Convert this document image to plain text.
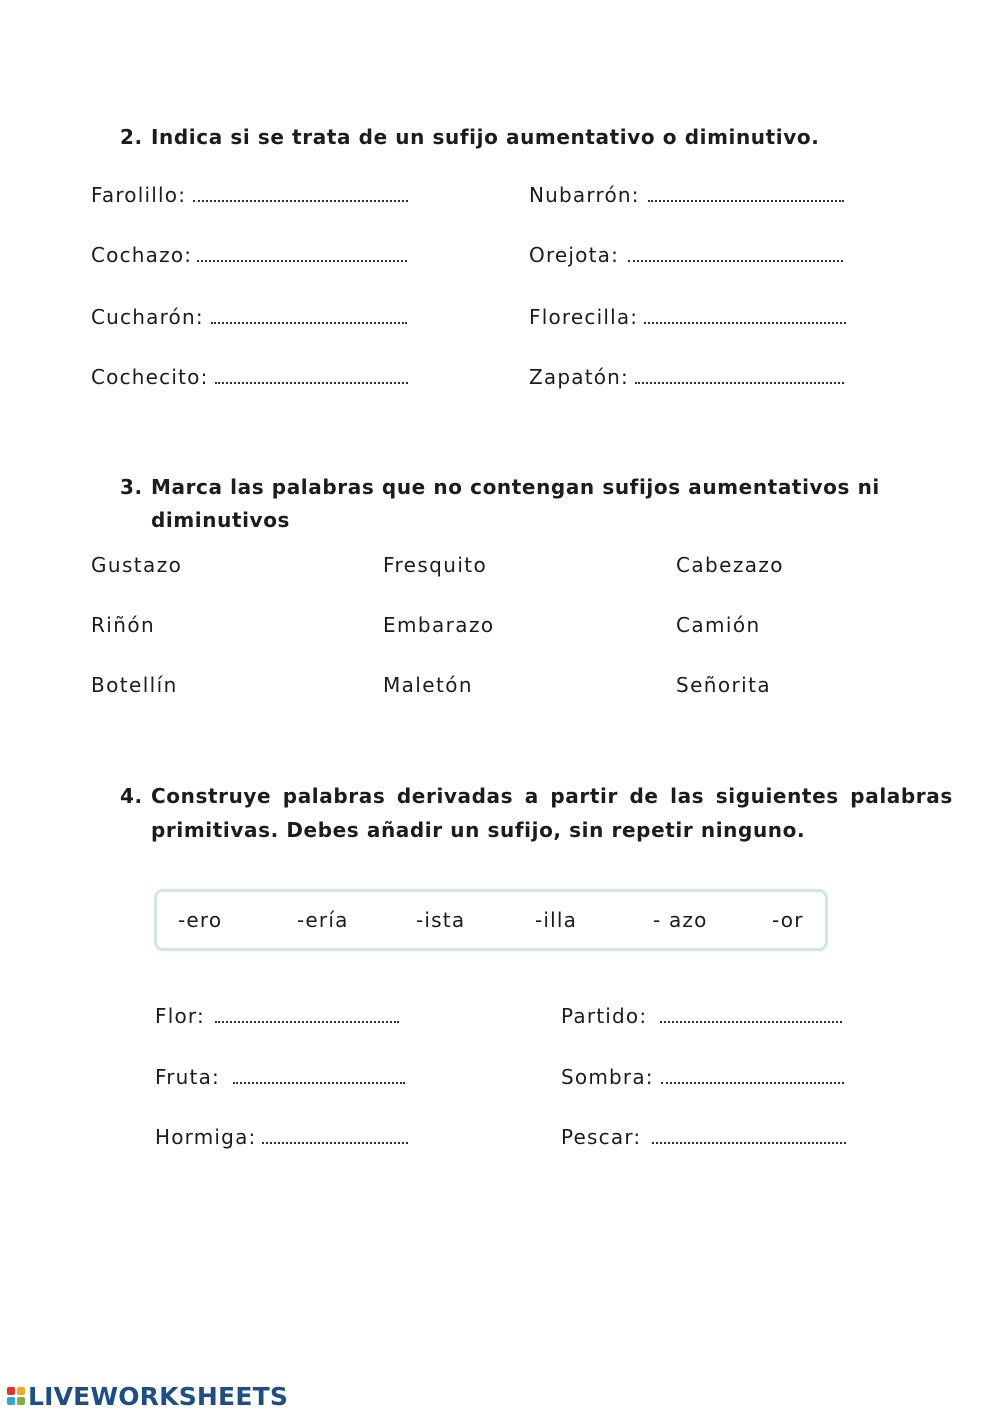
2. Indica si se trata de un sufijo aumentativo o diminutivo.
Farolillo:	Nubarrón:
Cochazo:	Orejota:
Cucharón:	Florecilla:
Cochecito:	Zapatón:
3. Marca las palabras que no contengan sufijos aumentativos ni
diminutivos
Gustazo	Fresquito	Cabezazo
Riñón	Embarazo	Camión
Botellín	Maletón	Señorita
4. Construye palabras derivadas a partir de las siguientes palabras
primitivas. Debes añadir un sufijo, sin repetir ninguno.
-ero	-ería	-ista	-illa	- azo	-or
Flor:	Partido:
Fruta:	Sombra:
Hormiga:	Pescar:
LIVEWORKSHEETS
